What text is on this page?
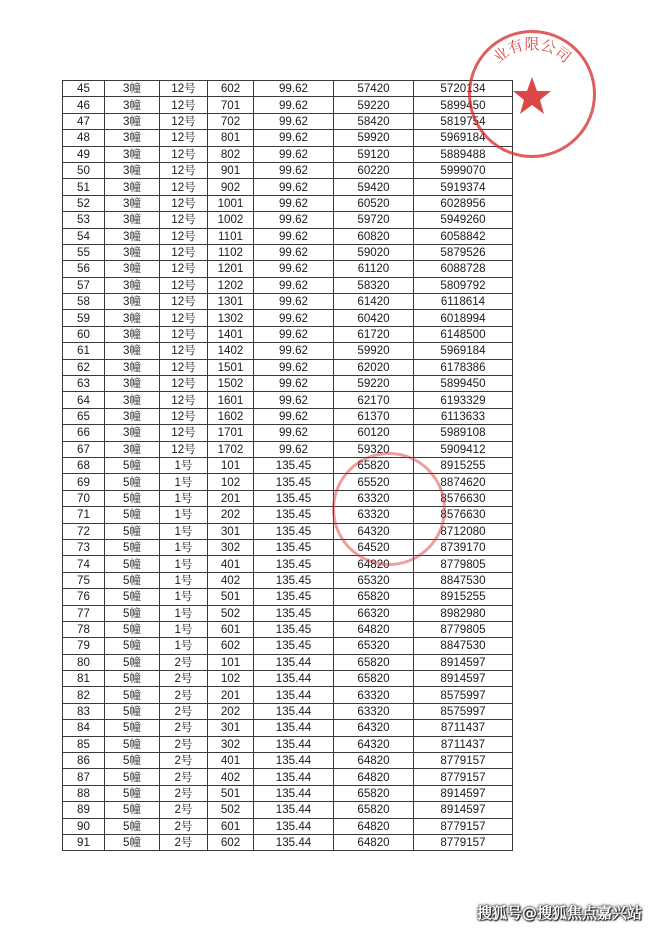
45	3幢	12号	602	99.62	57420	5720134
46	3幢	12号	701	99.62	59220	5899450
47	3幢	12号	702	99.62	58420	5819754
48	3幢	12号	801	99.62	59920	5969184
49	3幢	12号	802	99.62	59120	5889488
50	3幢	12号	901	99.62	60220	5999070
51	3幢	12号	902	99.62	59420	5919374
52	3幢	12号	1001	99.62	60520	6028956
53	3幢	12号	1002	99.62	59720	5949260
54	3幢	12号	1101	99.62	60820	6058842
55	3幢	12号	1102	99.62	59020	5879526
56	3幢	12号	1201	99.62	61120	6088728
57	3幢	12号	1202	99.62	58320	5809792
58	3幢	12号	1301	99.62	61420	6118614
59	3幢	12号	1302	99.62	60420	6018994
60	3幢	12号	1401	99.62	61720	6148500
61	3幢	12号	1402	99.62	59920	5969184
62	3幢	12号	1501	99.62	62020	6178386
63	3幢	12号	1502	99.62	59220	5899450
64	3幢	12号	1601	99.62	62170	6193329
65	3幢	12号	1602	99.62	61370	6113633
66	3幢	12号	1701	99.62	60120	5989108
67	3幢	12号	1702	99.62	59320	5909412
68	5幢	1号	101	135.45	65820	8915255
69	5幢	1号	102	135.45	65520	8874620
70	5幢	1号	201	135.45	63320	8576630
71	5幢	1号	202	135.45	63320	8576630
72	5幢	1号	301	135.45	64320	8712080
73	5幢	1号	302	135.45	64520	8739170
74	5幢	1号	401	135.45	64820	8779805
75	5幢	1号	402	135.45	65320	8847530
76	5幢	1号	501	135.45	65820	8915255
77	5幢	1号	502	135.45	66320	8982980
78	5幢	1号	601	135.45	64820	8779805
79	5幢	1号	602	135.45	65320	8847530
80	5幢	2号	101	135.44	65820	8914597
81	5幢	2号	102	135.44	65820	8914597
82	5幢	2号	201	135.44	63320	8575997
83	5幢	2号	202	135.44	63320	8575997
84	5幢	2号	301	135.44	64320	8711437
85	5幢	2号	302	135.44	64320	8711437
86	5幢	2号	401	135.44	64820	8779157
87	5幢	2号	402	135.44	64820	8779157
88	5幢	2号	501	135.44	65820	8914597
89	5幢	2号	502	135.44	65820	8914597
90	5幢	2号	601	135.44	64820	8779157
91	5幢	2号	602	135.44	64820	8779157
业有限公司
搜狐号@搜狐焦点嘉兴站
